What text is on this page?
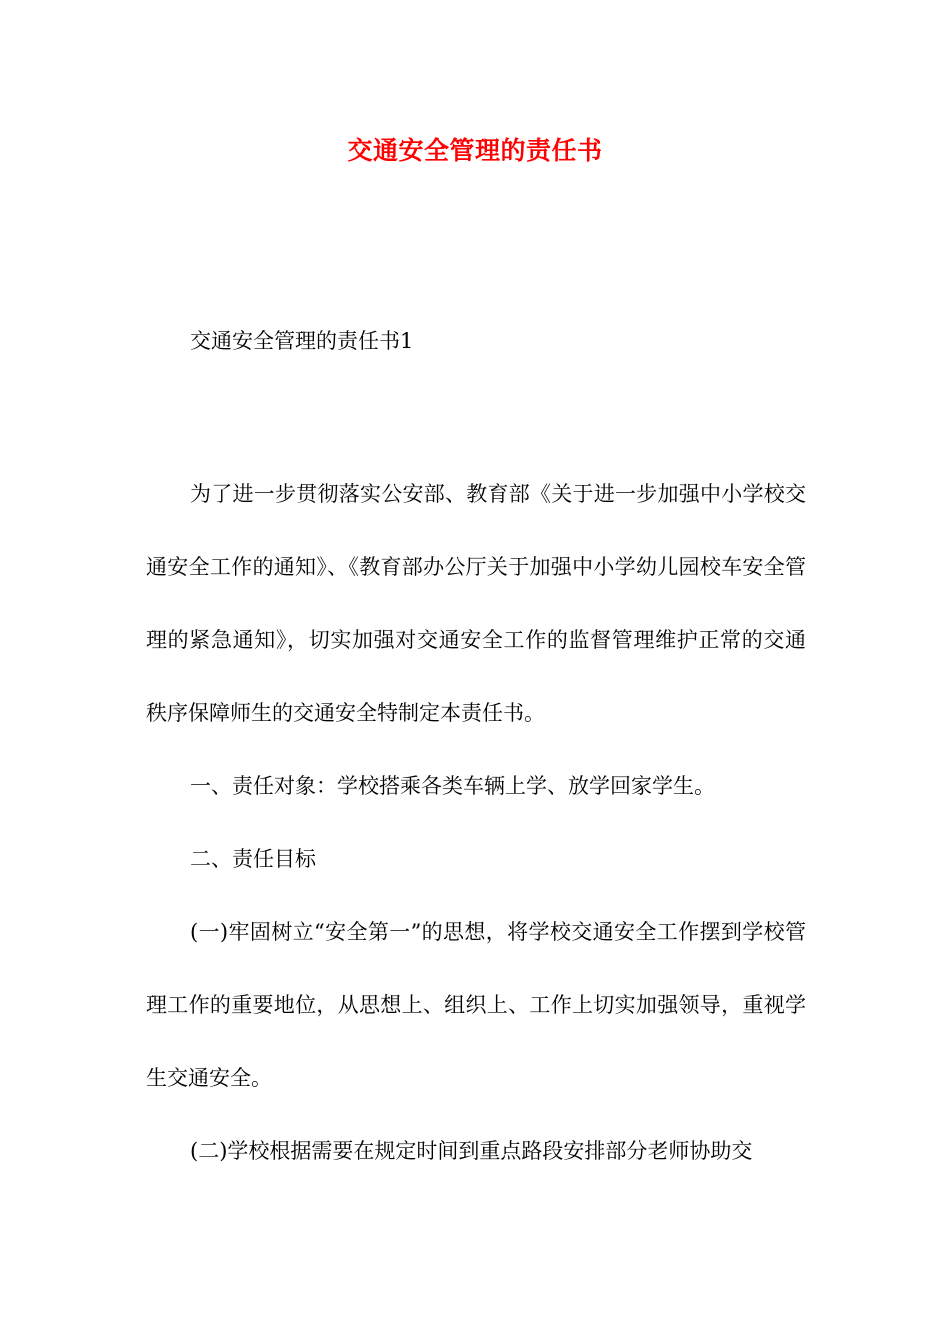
交通安全管理的责任书
交通安全管理的责任书1

为了进一步贯彻落实公安部、教育部《关于进一步加强中小学校交通安全工作的通知》、《教育部办公厅关于加强中小学幼儿园校车安全管理的紧急通知》，切实加强对交通安全工作的监督管理维护正常的交通秩序保障师生的交通安全特制定本责任书。

一、责任对象：学校搭乘各类车辆上学、放学回家学生。

二、责任目标

(一)牢固树立“安全第一”的思想，将学校交通安全工作摆到学校管理工作的重要地位，从思想上、组织上、工作上切实加强领导，重视学生交通安全。

(二)学校根据需要在规定时间到重点路段安排部分老师协助交
